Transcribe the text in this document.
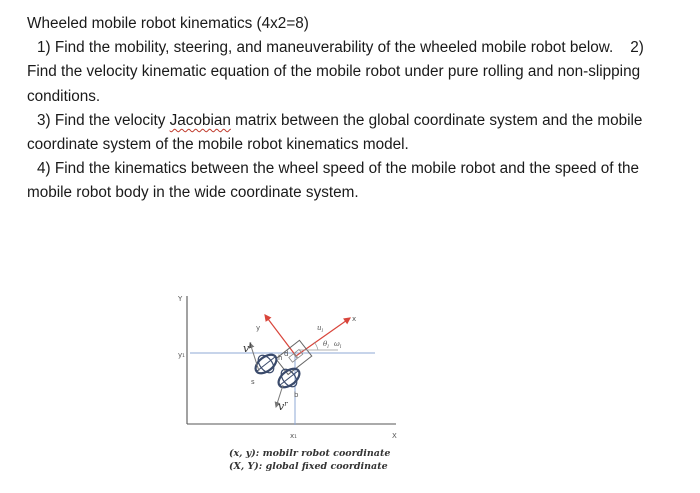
Wheeled mobile robot kinematics (4x2=8)

1) Find the mobility, steering, and maneuverability of the wheeled mobile robot below. 2) Find the velocity kinematic equation of the mobile robot under pure rolling and non-slipping conditions.

3) Find the velocity Jacobian matrix between the global coordinate system and the mobile coordinate system of the mobile robot kinematics model.

4) Find the kinematics between the wheel speed of the mobile robot and the speed of the mobile robot body in the wide coordinate system.

Y
X
y₁
x₁
x
y
$v^l$
$v^r$
h
s
b
d
$\theta_l$ $\omega_l$
$u_l$
(x, y): mobilr robot coordinate
(X, Y): global fixed coordinate
